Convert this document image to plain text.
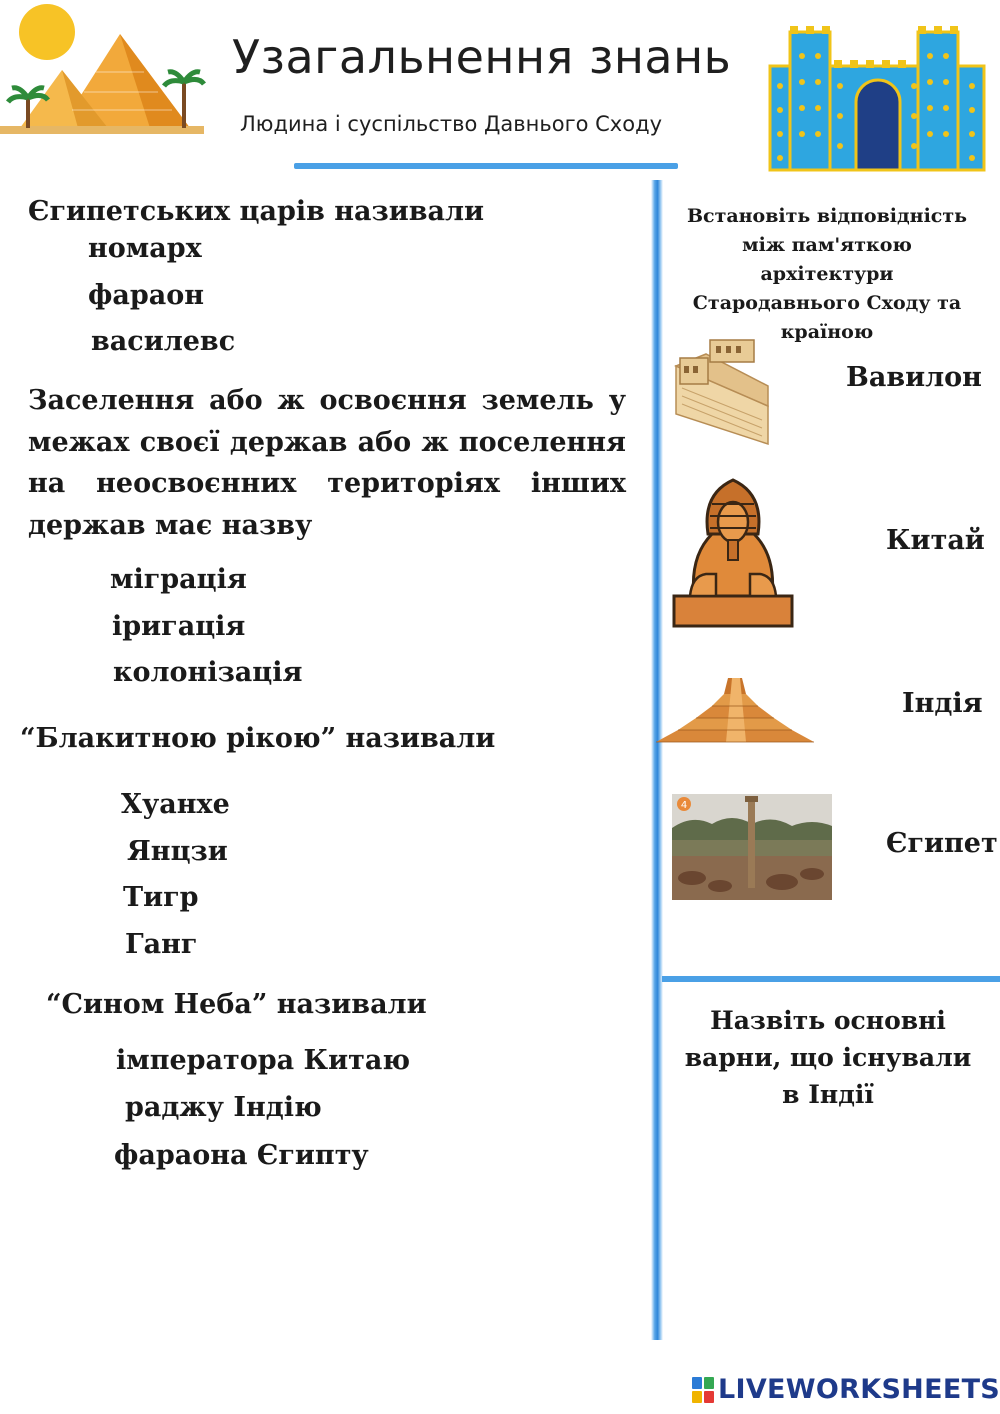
Узагальнення знань
Людина і суспільство Давнього Сходу
Єгипетських царів називали
номарх
фараон
василевс
Заселення або ж освоєння земель у межах своєї держав або ж поселення на неосвоєнних територіях інших держав має назву
міграція
іригація
колонізація
“Блакитною рікою” називали
Хуанхе
Янцзи
Тигр
Ганг
“Сином Неба” називали
імператора Китаю
раджу Індію
фараона Єгипту
Встановіть відповідність між пам'яткою архітектури Стародавнього Сходу та країною
Вавилон
Китай
Індія
4
Єгипет
Назвіть основні варни, що існували в Індії
LIVEWORKSHEETS
